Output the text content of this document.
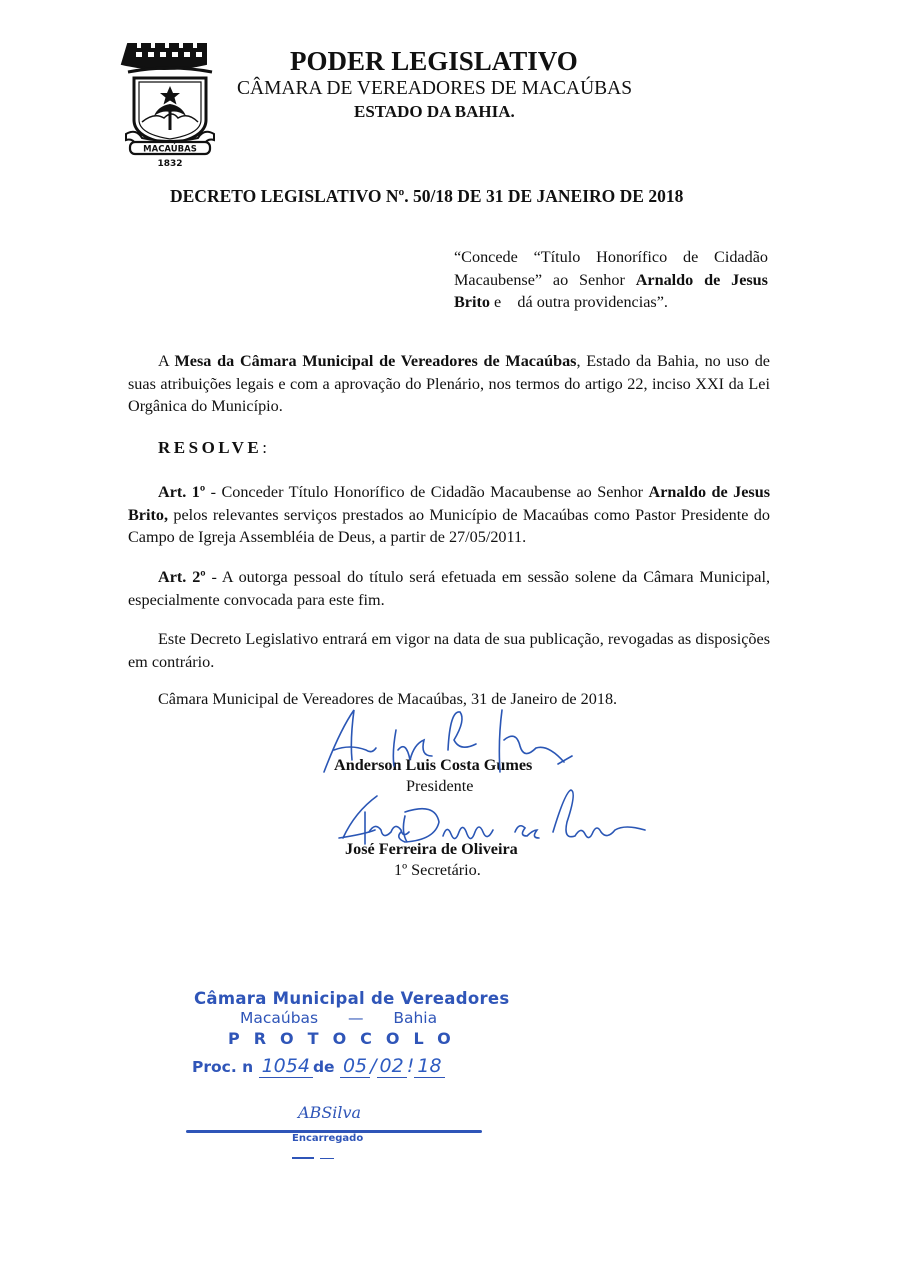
MACAÚBAS
1832
PODER LEGISLATIVO
CÂMARA DE VEREADORES DE MACAÚBAS
ESTADO DA BAHIA.
DECRETO LEGISLATIVO Nº. 50/18 DE 31 DE JANEIRO DE 2018
“Concede “Título Honorífico de Cidadão Macaubense” ao Senhor Arnaldo de Jesus Brito e    dá outra providencias”.
A Mesa da Câmara Municipal de Vereadores de Macaúbas, Estado da Bahia, no uso de suas atribuições legais e com a aprovação do Plenário, nos termos do artigo 22, inciso XXI da Lei Orgânica do Município.
RESOLVE:
Art. 1º - Conceder Título Honorífico de Cidadão Macaubense ao Senhor Arnaldo de Jesus Brito, pelos relevantes serviços prestados ao Município de Macaúbas como Pastor Presidente do Campo de Igreja Assembléia de Deus, a partir de 27/05/2011.
Art. 2º - A outorga pessoal do título será efetuada em sessão solene da Câmara Municipal, especialmente convocada para este fim.
Este Decreto Legislativo entrará em vigor na data de sua publicação, revogadas as disposições em contrário.
Câmara Municipal de Vereadores de Macaúbas, 31 de Janeiro de 2018.
Anderson Luis Costa Gumes
Presidente
José Ferreira de Oliveira
1º Secretário.
Câmara Municipal de Vereadores
Macaúbas  —  Bahia
PROTOCOLO
Proc. n 1054 de 05 / 02 ! 18
ABSilva
Encarregado
